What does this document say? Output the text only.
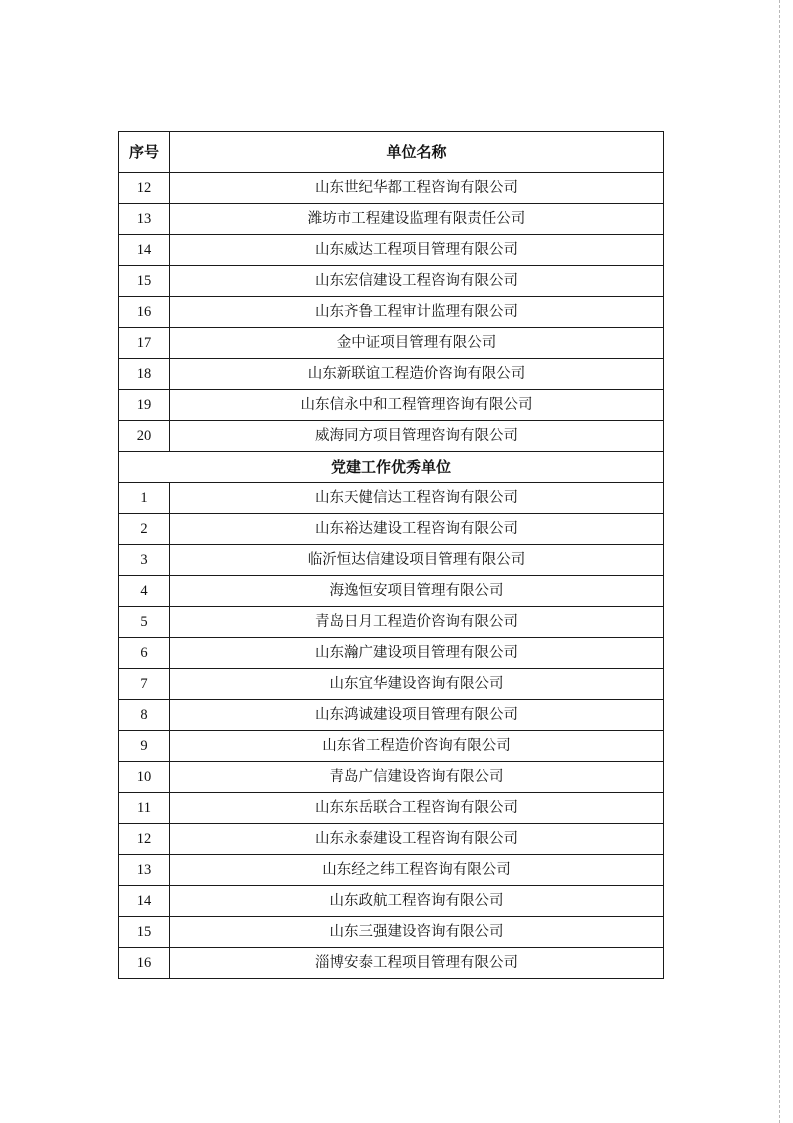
序号	单位名称
12	山东世纪华都工程咨询有限公司
13	潍坊市工程建设监理有限责任公司
14	山东威达工程项目管理有限公司
15	山东宏信建设工程咨询有限公司
16	山东齐鲁工程审计监理有限公司
17	金中证项目管理有限公司
18	山东新联谊工程造价咨询有限公司
19	山东信永中和工程管理咨询有限公司
20	威海同方项目管理咨询有限公司
党建工作优秀单位	
1	山东天健信达工程咨询有限公司
2	山东裕达建设工程咨询有限公司
3	临沂恒达信建设项目管理有限公司
4	海逸恒安项目管理有限公司
5	青岛日月工程造价咨询有限公司
6	山东瀚广建设项目管理有限公司
7	山东宜华建设咨询有限公司
8	山东鸿诚建设项目管理有限公司
9	山东省工程造价咨询有限公司
10	青岛广信建设咨询有限公司
11	山东东岳联合工程咨询有限公司
12	山东永泰建设工程咨询有限公司
13	山东经之纬工程咨询有限公司
14	山东政航工程咨询有限公司
15	山东三强建设咨询有限公司
16	淄博安泰工程项目管理有限公司
